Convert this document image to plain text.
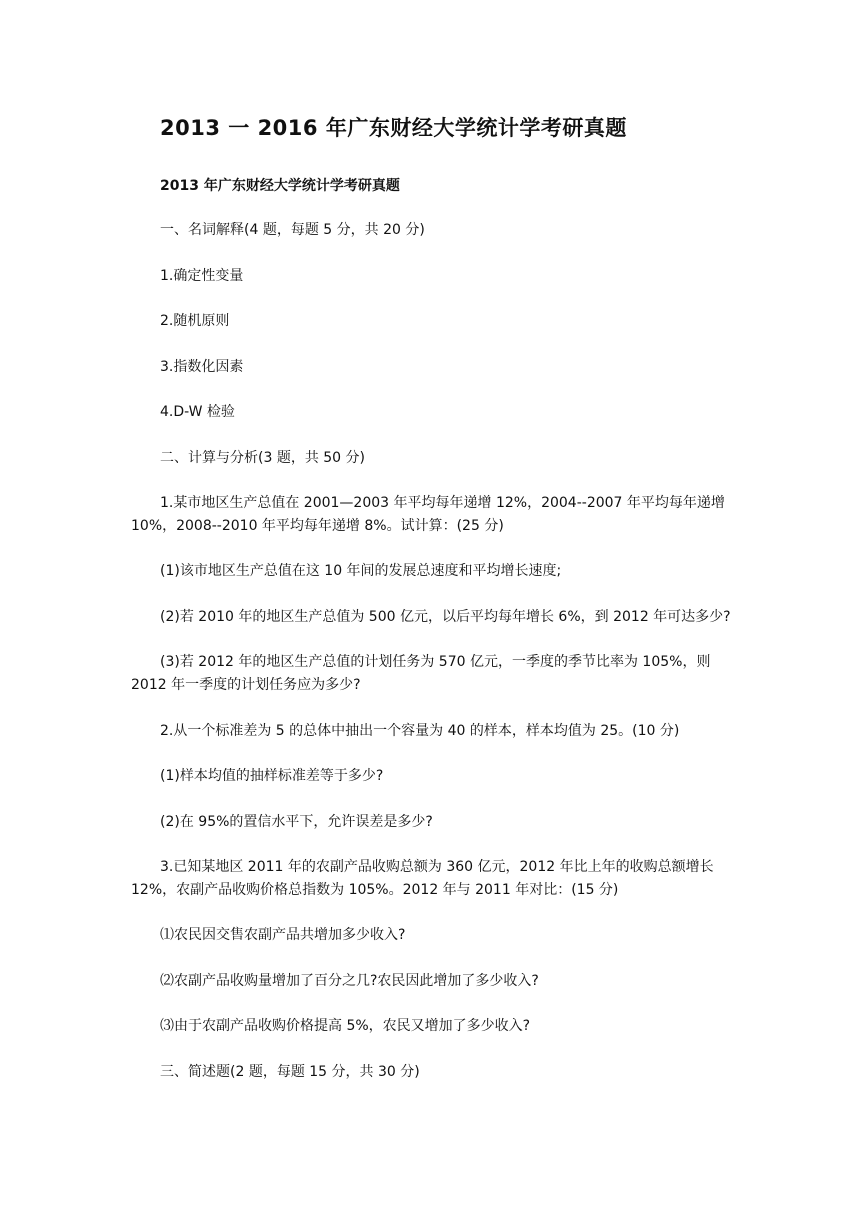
2013 一 2016 年广东财经大学统计学考研真题
2013 年广东财经大学统计学考研真题
一、名词解释(4 题，每题 5 分，共 20 分)
1.确定性变量
2.随机原则
3.指数化因素
4.D-W 检验
二、计算与分析(3 题，共 50 分)
1.某市地区生产总值在 2001—2003 年平均每年递增 12%，2004--2007 年平均每年递增
10%，2008--2010 年平均每年递增 8%。试计算：(25 分)
(1)该市地区生产总值在这 10 年间的发展总速度和平均增长速度;
(2)若 2010 年的地区生产总值为 500 亿元，以后平均每年增长 6%，到 2012 年可达多少?
(3)若 2012 年的地区生产总值的计划任务为 570 亿元，一季度的季节比率为 105%，则
2012 年一季度的计划任务应为多少?
2.从一个标准差为 5 的总体中抽出一个容量为 40 的样本，样本均值为 25。(10 分)
(1)样本均值的抽样标准差等于多少?
(2)在 95%的置信水平下，允许误差是多少?
3.已知某地区 2011 年的农副产品收购总额为 360 亿元，2012 年比上年的收购总额增长
12%，农副产品收购价格总指数为 105%。2012 年与 2011 年对比：(15 分)
⑴农民因交售农副产品共增加多少收入?
⑵农副产品收购量增加了百分之几?农民因此增加了多少收入?
⑶由于农副产品收购价格提高 5%，农民又增加了多少收入?
三、简述题(2 题，每题 15 分，共 30 分)
